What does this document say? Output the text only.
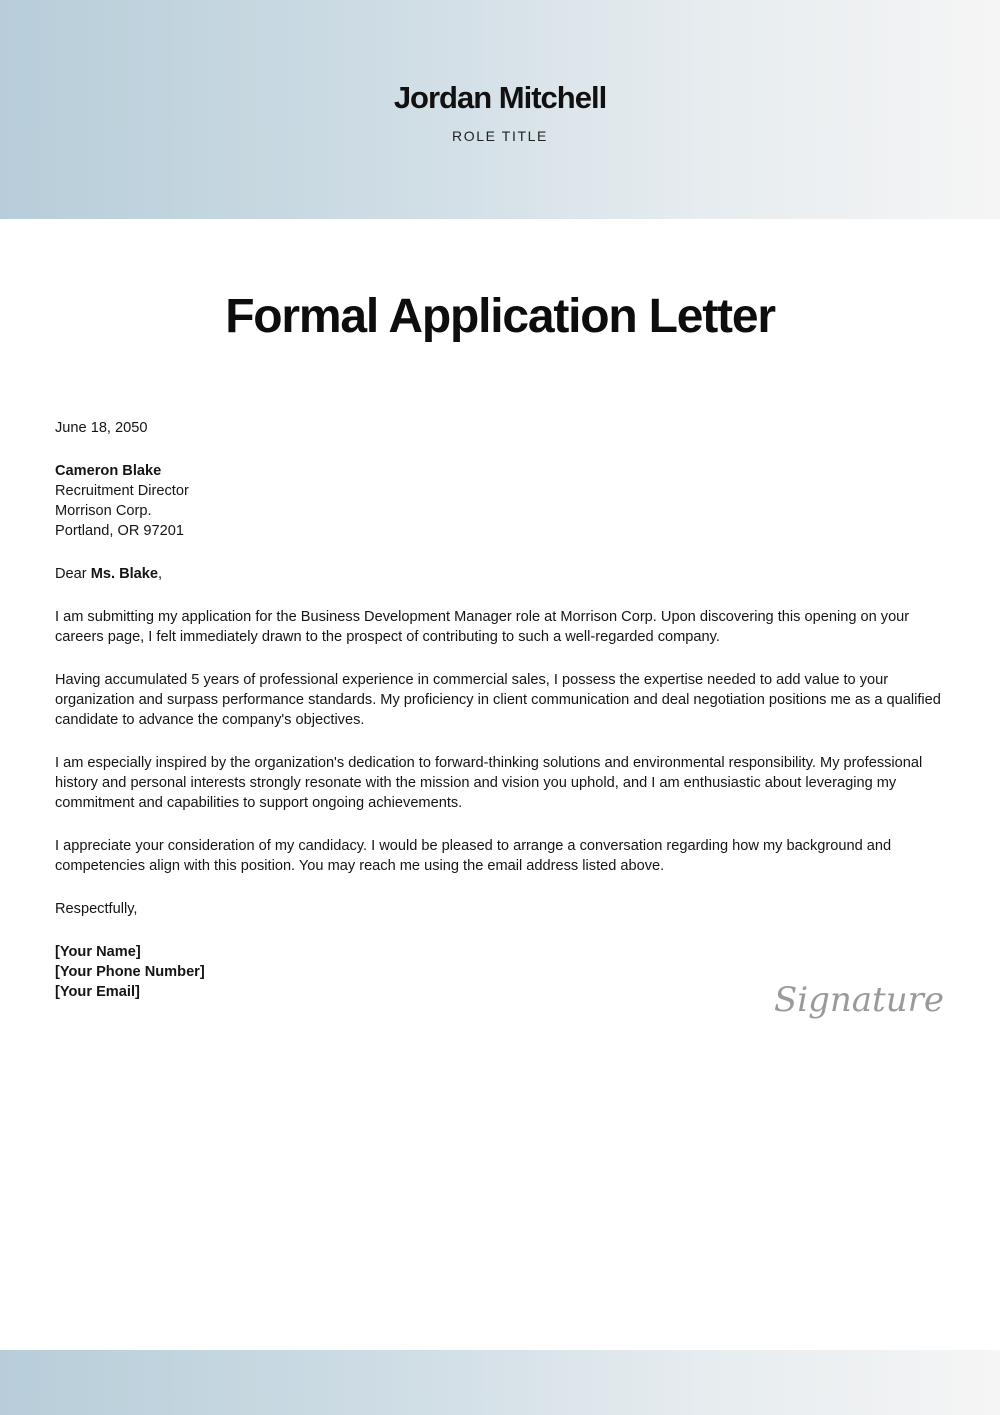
Jordan Mitchell
ROLE TITLE
Formal Application Letter

June 18, 2050

Cameron Blake
Recruitment Director
Morrison Corp.
Portland, OR 97201

Dear Ms. Blake,

I am submitting my application for the Business Development Manager role at Morrison Corp. Upon discovering this opening on your careers page, I felt immediately drawn to the prospect of contributing to such a well-regarded company.

Having accumulated 5 years of professional experience in commercial sales, I possess the expertise needed to add value to your organization and surpass performance standards. My proficiency in client communication and deal negotiation positions me as a qualified candidate to advance the company's objectives.

I am especially inspired by the organization's dedication to forward-thinking solutions and environmental responsibility. My professional history and personal interests strongly resonate with the mission and vision you uphold, and I am enthusiastic about leveraging my commitment and capabilities to support ongoing achievements.

I appreciate your consideration of my candidacy. I would be pleased to arrange a conversation regarding how my background and competencies align with this position. You may reach me using the email address listed above.

Respectfully,

[Your Name]
[Your Phone Number]
[Your Email]	Signature
